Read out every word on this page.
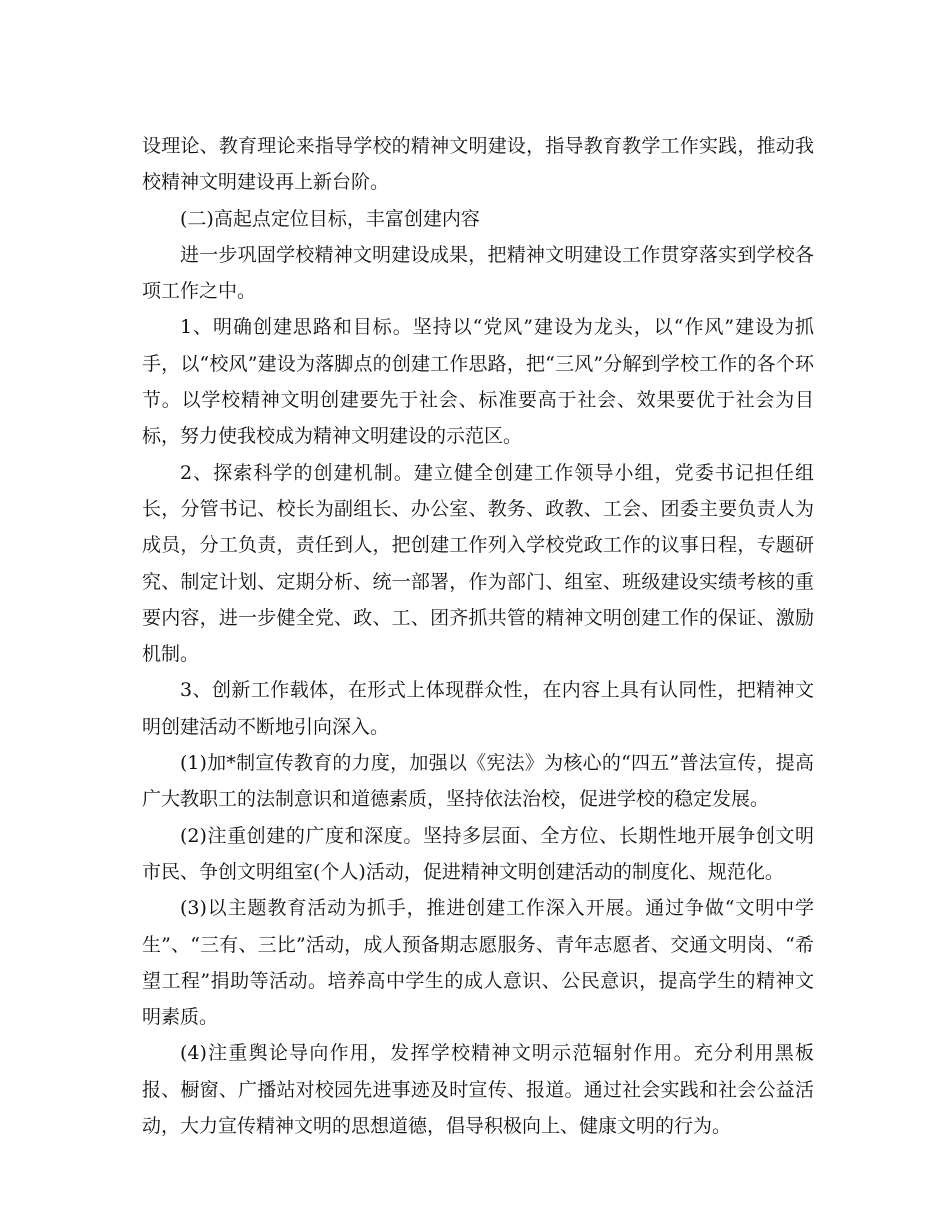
设理论、教育理论来指导学校的精神文明建设，指导教育教学工作实践，推动我校精神文明建设再上新台阶。

(二)高起点定位目标，丰富创建内容

进一步巩固学校精神文明建设成果，把精神文明建设工作贯穿落实到学校各项工作之中。

1、明确创建思路和目标。坚持以“党风”建设为龙头，以“作风”建设为抓手，以“校风”建设为落脚点的创建工作思路，把“三风”分解到学校工作的各个环节。以学校精神文明创建要先于社会、标准要高于社会、效果要优于社会为目标，努力使我校成为精神文明建设的示范区。

2、探索科学的创建机制。建立健全创建工作领导小组，党委书记担任组长，分管书记、校长为副组长、办公室、教务、政教、工会、团委主要负责人为成员，分工负责，责任到人，把创建工作列入学校党政工作的议事日程，专题研究、制定计划、定期分析、统一部署，作为部门、组室、班级建设实绩考核的重要内容，进一步健全党、政、工、团齐抓共管的精神文明创建工作的保证、激励机制。

3、创新工作载体，在形式上体现群众性，在内容上具有认同性，把精神文明创建活动不断地引向深入。

(1)加*制宣传教育的力度，加强以《宪法》为核心的“四五”普法宣传，提高广大教职工的法制意识和道德素质，坚持依法治校，促进学校的稳定发展。

(2)注重创建的广度和深度。坚持多层面、全方位、长期性地开展争创文明市民、争创文明组室(个人)活动，促进精神文明创建活动的制度化、规范化。

(3)以主题教育活动为抓手，推进创建工作深入开展。通过争做“文明中学生”、“三有、三比”活动，成人预备期志愿服务、青年志愿者、交通文明岗、“希望工程”捐助等活动。培养高中学生的成人意识、公民意识，提高学生的精神文明素质。

(4)注重舆论导向作用，发挥学校精神文明示范辐射作用。充分利用黑板报、橱窗、广播站对校园先进事迹及时宣传、报道。通过社会实践和社会公益活动，大力宣传精神文明的思想道德，倡导积极向上、健康文明的行为。
